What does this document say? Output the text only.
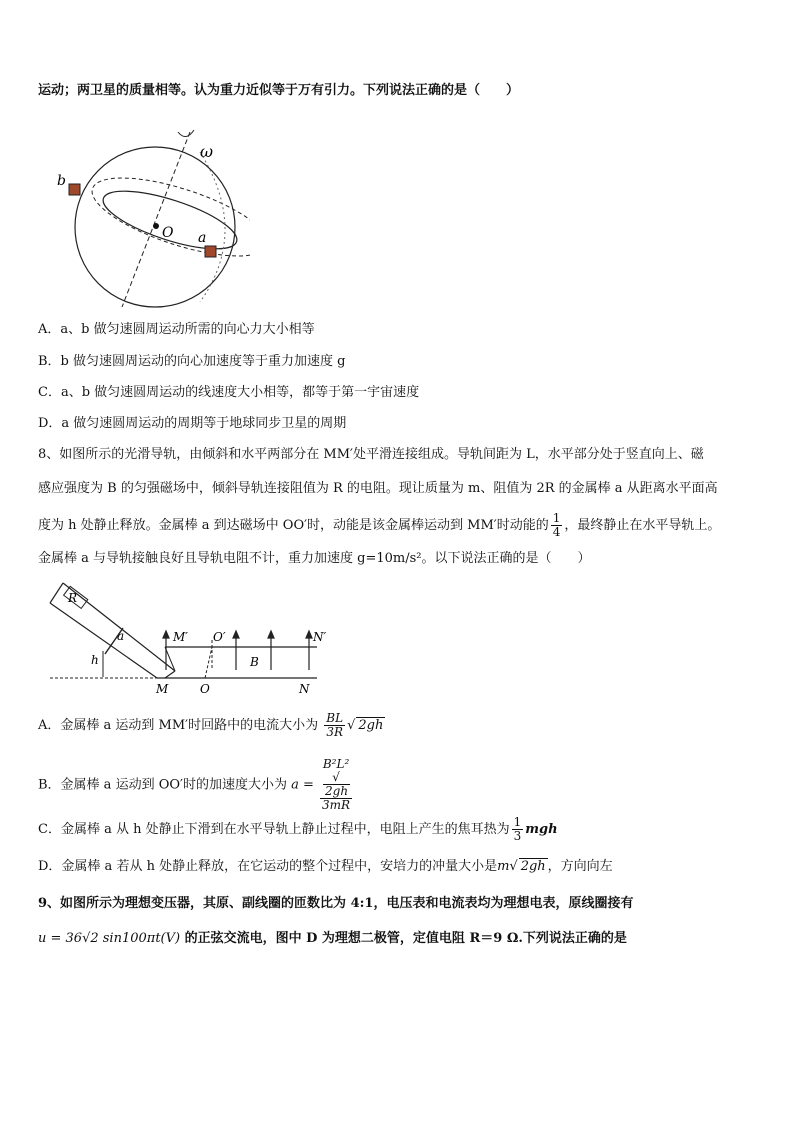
运动；两卫星的质量相等。认为重力近似等于万有引力。下列说法正确的是（　　）
ω
O
b
a
A．a、b 做匀速圆周运动所需的向心力大小相等
B．b 做匀速圆周运动的向心加速度等于重力加速度 g
C．a、b 做匀速圆周运动的线速度大小相等，都等于第一宇宙速度
D．a 做匀速圆周运动的周期等于地球同步卫星的周期
8、如图所示的光滑导轨，由倾斜和水平两部分在 MM′处平滑连接组成。导轨间距为 L，水平部分处于竖直向上、磁
感应强度为 B 的匀强磁场中，倾斜导轨连接阻值为 R 的电阻。现让质量为 m、阻值为 2R 的金属棒 a 从距离水平面高
度为 h 处静止释放。金属棒 a 到达磁场中 OO′时，动能是该金属棒运动到 MM′时动能的 $\frac{1}{4}$ ，最终静止在水平导轨上。
金属棒 a 与导轨接触良好且导轨电阻不计，重力加速度 g=10m/s²。以下说法正确的是（　　）
R
a
h
M′ O′	N′
B
M	O	N
A．金属棒 a 运动到 MM′时回路中的电流大小为 $\frac{BL}{3R}$ √ 2gh
B．金属棒 a 运动到 OO′时的加速度大小为 a = B²L²
√
2gh
3mR
C．金属棒 a 从 h 处静止下滑到在水平导轨上静止过程中，电阻上产生的焦耳热为 $\frac{1}{3}$ mgh
D．金属棒 a 若从 h 处静止释放，在它运动的整个过程中，安培力的冲量大小是m√ 2gh ，方向向左
9、如图所示为理想变压器，其原、副线圈的匝数比为 4:1，电压表和电流表均为理想电表，原线圈接有
u = 36√2 sin100πt(V) 的正弦交流电，图中 D 为理想二极管，定值电阻 R＝9 Ω.下列说法正确的是
